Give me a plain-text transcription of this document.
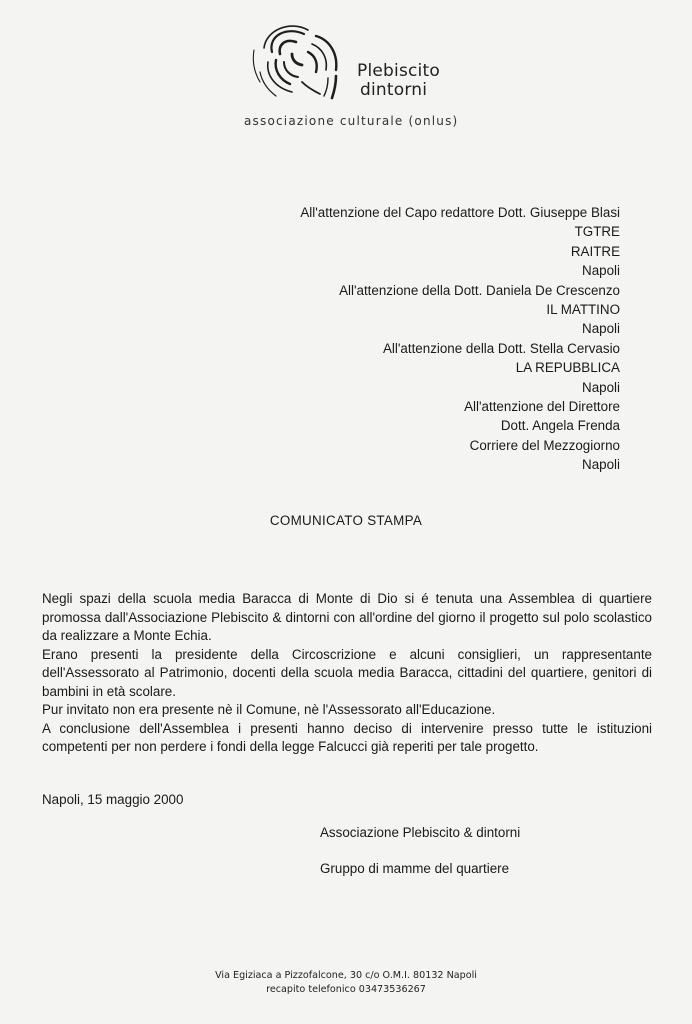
Plebiscito
dintorni
associazione culturale (onlus)
All'attenzione del Capo redattore Dott. Giuseppe Blasi
TGTRE
RAITRE
Napoli
All'attenzione della Dott. Daniela De Crescenzo
IL MATTINO
Napoli
All'attenzione della Dott. Stella Cervasio
LA REPUBBLICA
Napoli
All'attenzione del Direttore
Dott. Angela Frenda
Corriere del Mezzogiorno
Napoli
COMUNICATO STAMPA

Negli spazi della scuola media Baracca di Monte di Dio si é tenuta una Assemblea di quartiere promossa dall'Associazione Plebiscito & dintorni con all'ordine del giorno il progetto sul polo scolastico da realizzare a Monte Echia.

Erano presenti la presidente della Circoscrizione e alcuni consiglieri, un rappresentante dell'Assessorato al Patrimonio, docenti della scuola media Baracca, cittadini del quartiere, genitori di bambini in età scolare.

Pur invitato non era presente nè il Comune, nè l'Assessorato all'Educazione.

A conclusione dell'Assemblea i presenti hanno deciso di intervenire presso tutte le istituzioni competenti per non perdere i fondi della legge Falcucci già reperiti per tale progetto.

Napoli, 15 maggio 2000
Associazione Plebiscito & dintorni
Gruppo di mamme del quartiere
Via Egiziaca a Pizzofalcone, 30 c/o O.M.I. 80132 Napoli
recapito telefonico 03473536267
